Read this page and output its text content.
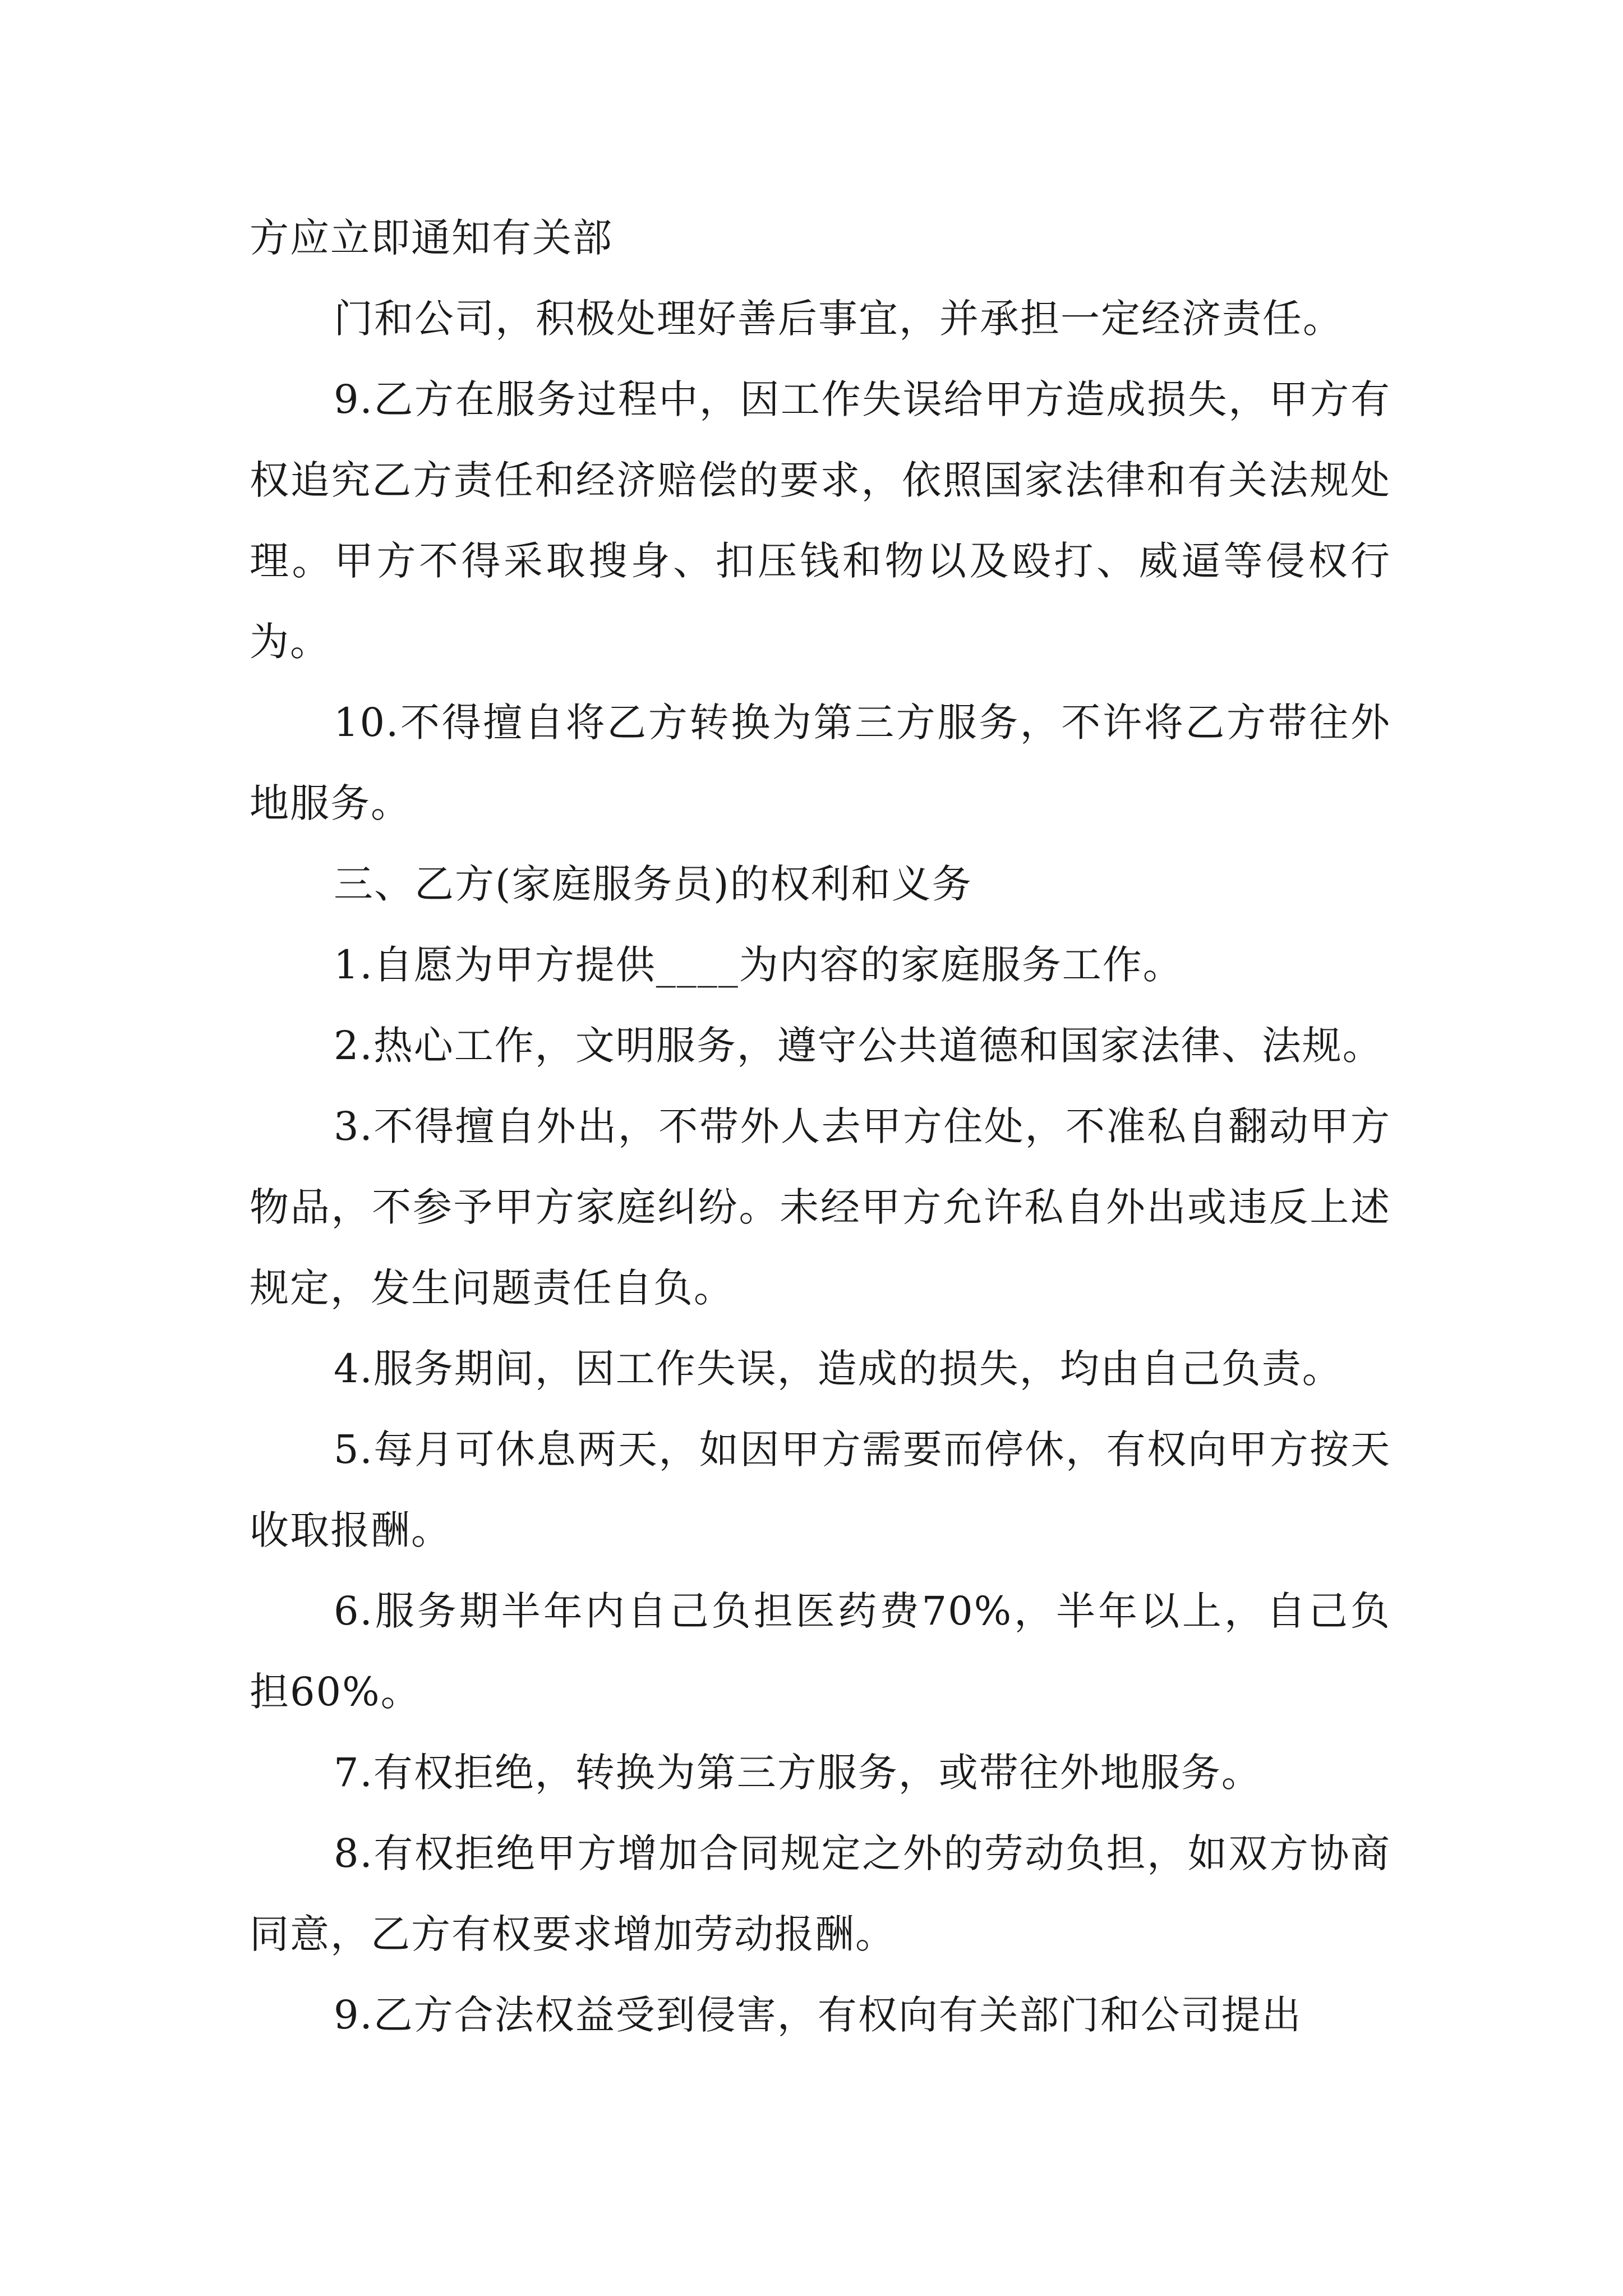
方应立即通知有关部

门和公司，积极处理好善后事宜，并承担一定经济责任。

9.乙方在服务过程中，因工作失误给甲方造成损失，甲方有权追究乙方责任和经济赔偿的要求，依照国家法律和有关法规处理。甲方不得采取搜身、扣压钱和物以及殴打、威逼等侵权行为。

10.不得擅自将乙方转换为第三方服务，不许将乙方带往外地服务。

三、乙方(家庭服务员)的权利和义务

1.自愿为甲方提供____为内容的家庭服务工作。

2.热心工作，文明服务，遵守公共道德和国家法律、法规。

3.不得擅自外出，不带外人去甲方住处，不准私自翻动甲方物品，不参予甲方家庭纠纷。未经甲方允许私自外出或违反上述规定，发生问题责任自负。

4.服务期间，因工作失误，造成的损失，均由自己负责。

5.每月可休息两天，如因甲方需要而停休，有权向甲方按天收取报酬。

6.服务期半年内自己负担医药费70%，半年以上，自己负担60%。

7.有权拒绝，转换为第三方服务，或带往外地服务。

8.有权拒绝甲方增加合同规定之外的劳动负担，如双方协商同意，乙方有权要求增加劳动报酬。

9.乙方合法权益受到侵害，有权向有关部门和公司提出
